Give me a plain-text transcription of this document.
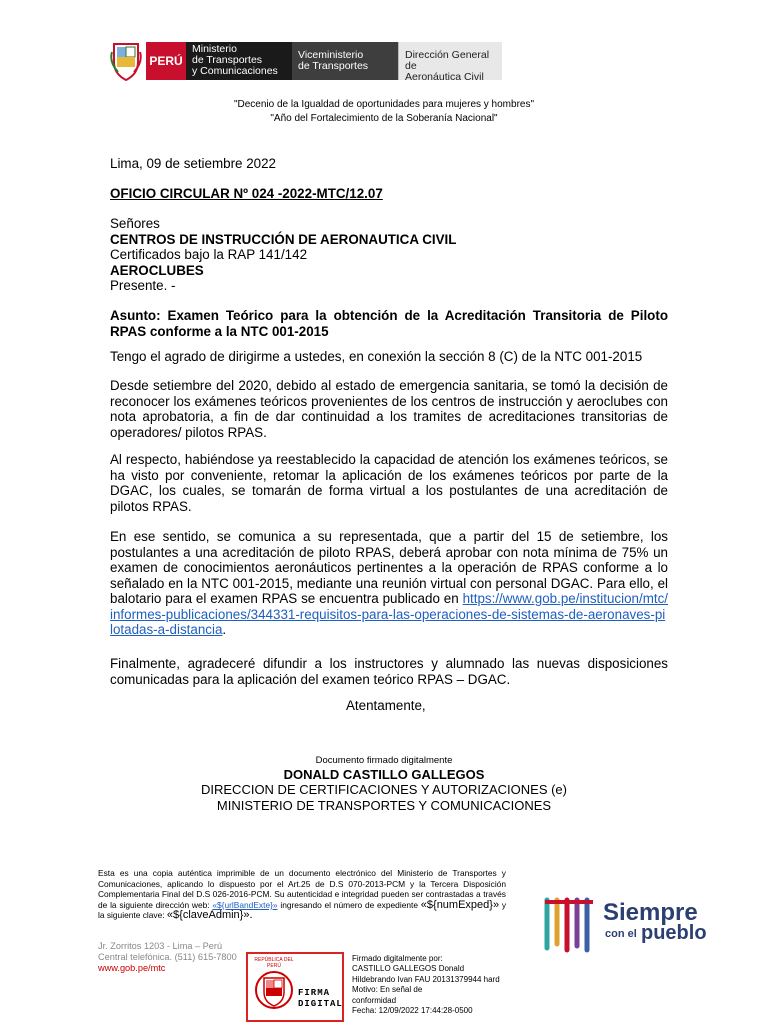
PERÚ
Ministerio
de Transportes
y Comunicaciones
Viceministerio
de Transportes
Dirección General de
Aeronáutica Civil
"Decenio de la Igualdad de oportunidades para mujeres y hombres"
"Año del Fortalecimiento de la Soberanía Nacional"
Lima, 09 de setiembre 2022
OFICIO CIRCULAR Nº 024 -2022-MTC/12.07
Señores
CENTROS DE INSTRUCCIÓN DE AERONAUTICA CIVIL
Certificados bajo la RAP 141/142
AEROCLUBES
Presente. -
Asunto: Examen Teórico para la obtención de la Acreditación Transitoria de Piloto RPAS conforme a la NTC 001-2015
Tengo el agrado de dirigirme a ustedes, en conexión la sección 8 (C) de la NTC 001-2015
Desde setiembre del 2020, debido al estado de emergencia sanitaria, se tomó la decisión de reconocer los exámenes teóricos provenientes de los centros de instrucción y aeroclubes con nota aprobatoria, a fin de dar continuidad a los tramites de acreditaciones transitorias de operadores/ pilotos RPAS.
Al respecto, habiéndose ya reestablecido la capacidad de atención los exámenes teóricos, se ha visto por conveniente, retomar la aplicación de los exámenes teóricos por parte de la DGAC, los cuales, se tomarán de forma virtual a los postulantes de una acreditación de pilotos RPAS.
En ese sentido, se comunica a su representada, que a partir del 15 de setiembre, los postulantes a una acreditación de piloto RPAS, deberá aprobar con nota mínima de 75% un examen de conocimientos aeronáuticos pertinentes a la operación de RPAS conforme a lo señalado en la NTC 001-2015, mediante una reunión virtual con personal DGAC. Para ello, el balotario para el examen RPAS se encuentra publicado en https://www.gob.pe/institucion/mtc/informes-publicaciones/344331-requisitos-para-las-operaciones-de-sistemas-de-aeronaves-pilotadas-a-distancia.
Finalmente, agradeceré difundir a los instructores y alumnado las nuevas disposiciones comunicadas para la aplicación del examen teórico RPAS – DGAC.
Atentamente,
Documento firmado digitalmente
DONALD CASTILLO GALLEGOS
DIRECCION DE CERTIFICACIONES Y AUTORIZACIONES (e)
MINISTERIO DE TRANSPORTES Y COMUNICACIONES
Esta es una copia auténtica imprimible de un documento electrónico del Ministerio de Transportes y Comunicaciones, aplicando lo dispuesto por el Art.25 de D.S 070-2013-PCM y la Tercera Disposición Complementaria Final del D.S 026-2016-PCM. Su autenticidad e integridad pueden ser contrastadas a través de la siguiente dirección web: «${urlBandExte}» ingresando el número de expediente «${numExped}» y la siguiente clave: «${claveAdmin}».
Jr. Zorritos 1203 - Lima – Perú
Central telefónica. (511) 615-7800
www.gob.pe/mtc
REPÚBLICA DEL PERÚ
FIRMA DIGITAL
Firmado digitalmente por:
CASTILLO GALLEGOS Donald
Hildebrando Ivan FAU 20131379944 hard
Motivo: En señal de
conformidad
Fecha: 12/09/2022 17:44:28-0500
Siempre
con el pueblo
